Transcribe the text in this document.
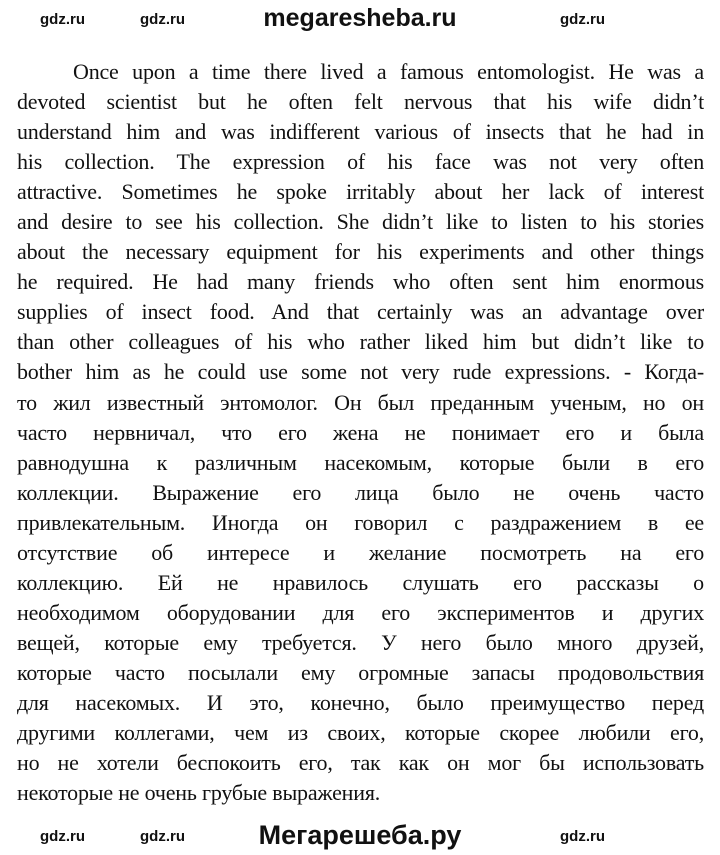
megaresheba.ru
Once upon a time there lived a famous entomologist. He was a
devoted scientist but he often felt nervous that his wife didn’t
understand him and was indifferent various of insects that he had in
his collection. The expression of his face was not very often
attractive. Sometimes he spoke irritably about her lack of interest
and desire to see his collection. She didn’t like to listen to his stories
about the necessary equipment for his experiments and other things
he required. He had many friends who often sent him enormous
supplies of insect food. And that certainly was an advantage over
than other colleagues of his who rather liked him but didn’t like to
bother him as he could use some not very rude expressions. - Когда-
то жил известный энтомолог. Он был преданным ученым, но он
часто нервничал, что его жена не понимает его и была
равнодушна к различным насекомым, которые были в его
коллекции. Выражение его лица было не очень часто
привлекательным. Иногда он говорил с раздражением в ее
отсутствие об интересе и желание посмотреть на его
коллекцию. Ей не нравилось слушать его рассказы о
необходимом оборудовании для его экспериментов и других
вещей, которые ему требуется. У него было много друзей,
которые часто посылали ему огромные запасы продовольствия
для насекомых. И это, конечно, было преимущество перед
другими коллегами, чем из своих, которые скорее любили его,
но не хотели беспокоить его, так как он мог бы использовать
некоторые не очень грубые выражения.
gdz.ru	gdz.ru	gdz.ru
gdz.ru	gdz.ru	gdz.ru
Мегарешеба.ру
